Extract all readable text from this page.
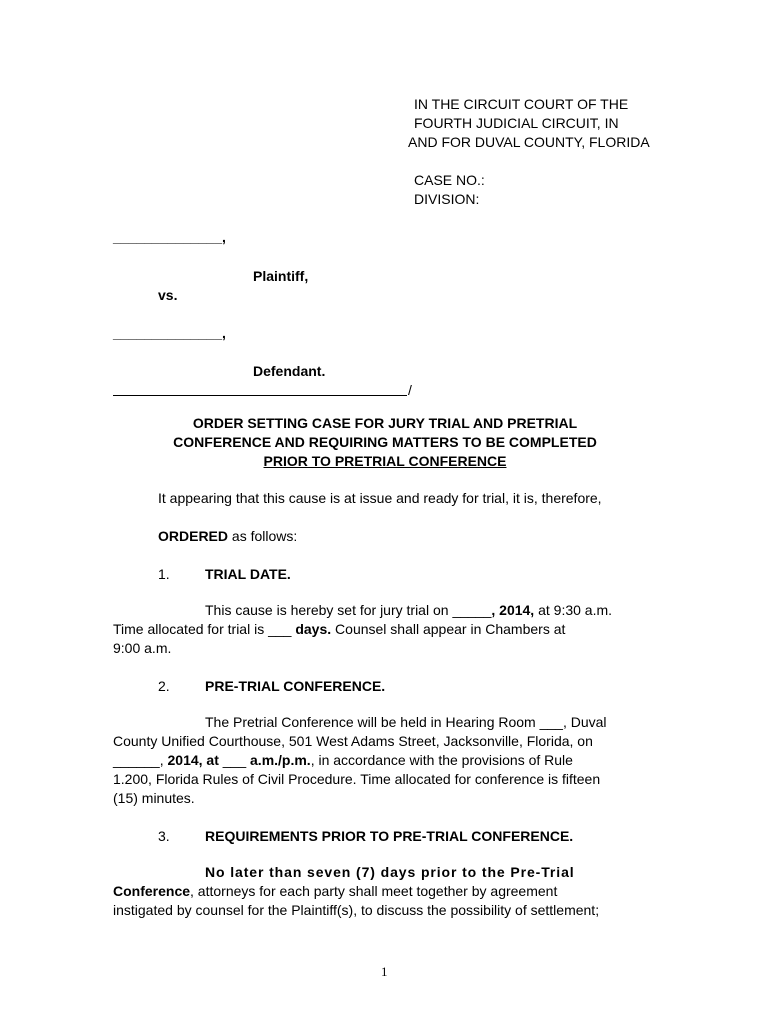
IN THE CIRCUIT COURT OF THE
FOURTH JUDICIAL CIRCUIT, IN
AND FOR DUVAL COUNTY, FLORIDA
CASE NO.:
DIVISION:
______________,
Plaintiff,
vs.
______________,
Defendant.
/
ORDER SETTING CASE FOR JURY TRIAL AND PRETRIAL
CONFERENCE AND REQUIRING MATTERS TO BE COMPLETED
PRIOR TO PRETRIAL CONFERENCE
It appearing that this cause is at issue and ready for trial, it is, therefore,
ORDERED as follows:
1.	TRIAL DATE.
This cause is hereby set for jury trial on _____, 2014, at 9:30 a.m.
Time allocated for trial is ___ days. Counsel shall appear in Chambers at
9:00 a.m.
2.	PRE-TRIAL CONFERENCE.
The Pretrial Conference will be held in Hearing Room ___, Duval
County Unified Courthouse, 501 West Adams Street, Jacksonville, Florida, on
______, 2014, at ___ a.m./p.m., in accordance with the provisions of Rule
1.200, Florida Rules of Civil Procedure. Time allocated for conference is fifteen
(15) minutes.
3.	REQUIREMENTS PRIOR TO PRE-TRIAL CONFERENCE.
No later than seven (7) days prior to the Pre-Trial
Conference, attorneys for each party shall meet together by agreement
instigated by counsel for the Plaintiff(s), to discuss the possibility of settlement;
1
